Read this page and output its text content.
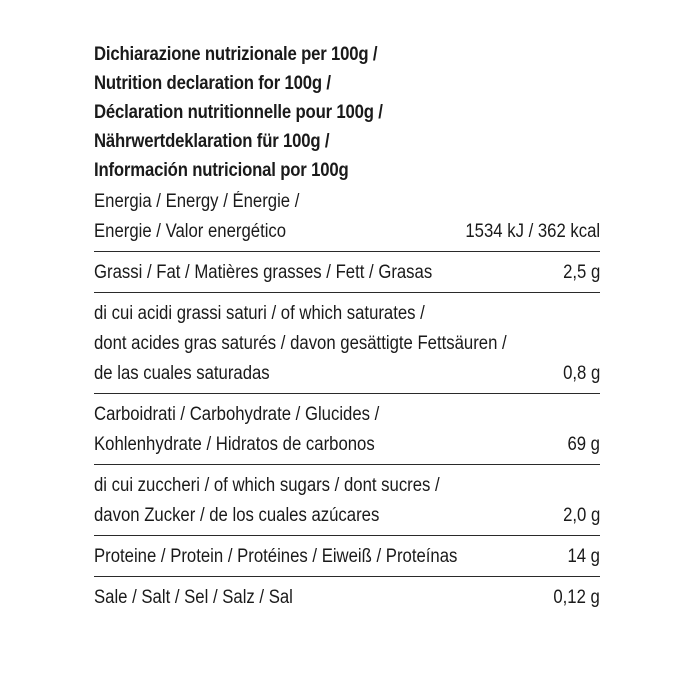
Dichiarazione nutrizionale per 100g /
Nutrition declaration for 100g /
Déclaration nutritionnelle pour 100g /
Nährwertdeklaration für 100g /
Información nutricional por 100g
Energia / Energy / Énergie /
Energie / Valor energético	1534 kJ / 362 kcal
Grassi / Fat / Matières grasses / Fett / Grasas	2,5 g
di cui acidi grassi saturi / of which saturates /
dont acides gras saturés / davon gesättigte Fettsäuren /
de las cuales saturadas	0,8 g
Carboidrati / Carbohydrate / Glucides /
Kohlenhydrate / Hidratos de carbonos	69 g
di cui zuccheri / of which sugars / dont sucres /
davon Zucker / de los cuales azúcares	2,0 g
Proteine / Protein / Protéines / Eiweiß / Proteínas	14 g
Sale / Salt / Sel / Salz / Sal	0,12 g
